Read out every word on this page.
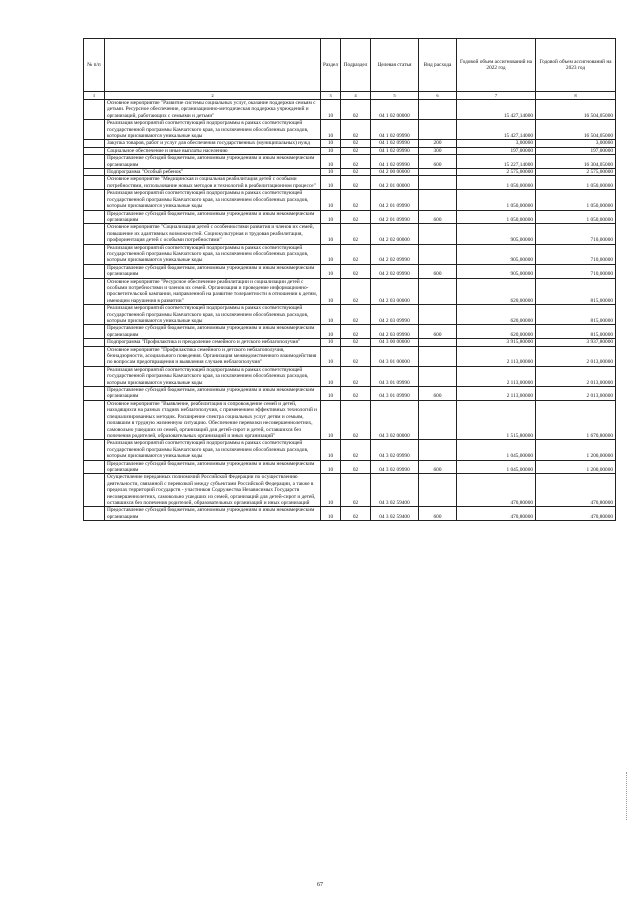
№ п/п		Раздел	Подраздел	Целевая статья	Вид расхода	Годовой объем ассигнований на 2022 год	Годовой объем ассигнований на 2023 год
1	2	3	4	5	6	7	8
	Основное мероприятие "Развитие системы социальных услуг, оказание поддержки семьям с детьми. Ресурсное обеспечение, организационно-методическая поддержка учреждений и организаций, работающих с семьями и детьми"	10	02	04 1 02 00000		15 427,14000	16 504,05000
	Реализация мероприятий соответствующей подпрограммы в рамках соответствующей государственной программы Камчатского края, за исключением обособленных расходов, которым присваиваются уникальные коды	10	02	04 1 02 09990		15 427,14000	16 504,05000
	Закупка товаров, работ и услуг для обеспечения государственных (муниципальных) нужд	10	02	04 1 02 09990	200	3,00000	3,00000
	Социальное обеспечение и иные выплаты населению	10	02	04 1 02 09990	300	197,00000	197,00000
	Предоставление субсидий бюджетным, автономным учреждениям и иным некоммерческим организациям	10	02	04 1 02 09990	600	15 227,14000	16 304,05000
	Подпрограмма "Особый ребенок"	10	02	04 2 00 00000		2 575,00000	2 575,00000
	Основное мероприятие "Медицинская и социальная реабилитация детей с особыми потребностями, использование новых методов и технологий в реабилитационном процессе"	10	02	04 2 01 00000		1 050,00000	1 050,00000
	Реализация мероприятий соответствующей подпрограммы в рамках соответствующей государственной программы Камчатского края, за исключением обособленных расходов, которым присваиваются уникальные коды	10	02	04 2 01 09990		1 050,00000	1 050,00000
	Предоставление субсидий бюджетным, автономным учреждениям и иным некоммерческим организациям	10	02	04 2 01 09990	600	1 050,00000	1 050,00000
	Основное мероприятие "Социализация детей с особенностями развития и членов их семей, повышение их адаптивных возможностей. Социокультурная и трудовая реабилитация, профориентация детей с особыми потребностями"	10	02	04 2 02 00000		905,00000	710,00000
	Реализация мероприятий соответствующей подпрограммы в рамках соответствующей государственной программы Камчатского края, за исключением обособленных расходов, которым присваиваются уникальные коды	10	02	04 2 02 09990		905,00000	710,00000
	Предоставление субсидий бюджетным, автономным учреждениям и иным некоммерческим организациям	10	02	04 2 02 09990	600	905,00000	710,00000
	Основное мероприятие "Ресурсное обеспечение реабилитации и социализации детей с особыми потребностями и членов их семей. Организация и проведение информационно-просветительской кампании, направленной на развитие толерантности в отношении к детям, имеющим нарушения в развитии"	10	02	04 2 03 00000		620,00000	815,00000
	Реализация мероприятий соответствующей подпрограммы в рамках соответствующей государственной программы Камчатского края, за исключением обособленных расходов, которым присваиваются уникальные коды	10	02	04 2 03 09990		620,00000	815,00000
	Предоставление субсидий бюджетным, автономным учреждениям и иным некоммерческим организациям	10	02	04 2 03 09990	600	620,00000	815,00000
	Подпрограмма "Профилактика и преодоление семейного и детского неблагополучия"	10	02	04 3 00 00000		3 915,80000	3 937,80000
	Основное мероприятие "Профилактика семейного и детского неблагополучия, безнадзорности, асоциального поведения. Организация межведомственного взаимодействия по вопросам предотвращения и выявления случаев неблагополучия"	10	02	04 3 01 00000		2 113,00000	2 013,00000
	Реализация мероприятий соответствующей подпрограммы в рамках соответствующей государственной программы Камчатского края, за исключением обособленных расходов, которым присваиваются уникальные коды	10	02	04 3 01 09990		2 113,00000	2 013,00000
	Предоставление субсидий бюджетным, автономным учреждениям и иным некоммерческим организациям	10	02	04 3 01 09990	600	2 113,00000	2 013,00000
	Основное мероприятие "Выявление, реабилитация и сопровождение семей и детей, находящихся на разных стадиях неблагополучия, с применением эффективных технологий и специализированных методик. Расширение спектра социальных услуг детям и семьям, попавшим в трудную жизненную ситуацию. Обеспечение перевозки несовершеннолетних, самовольно ушедших из семей, организаций для детей-сирот и детей, оставшихся без попечения родителей, образовательных организаций и иных организаций"	10	02	04 3 02 00000		1 515,80000	1 670,80000
	Реализация мероприятий соответствующей подпрограммы в рамках соответствующей государственной программы Камчатского края, за исключением обособленных расходов, которым присваиваются уникальные коды	10	02	04 3 02 09990		1 045,00000	1 200,00000
	Предоставление субсидий бюджетным, автономным учреждениям и иным некоммерческим организациям	10	02	04 3 02 09990	600	1 045,00000	1 200,00000
	Осуществление переданных полномочий Российской Федерации по осуществлению деятельности, связанной с перевозкой между субъектами Российской Федерации, а также в пределах территорий государств - участников Содружества Независимых Государств несовершеннолетних, самовольно ушедших из семей, организаций для детей-сирот и детей, оставшихся без попечения родителей, образовательных организаций и иных организаций	10	02	04 3 02 59400		470,80000	470,80000
	Предоставление субсидий бюджетным, автономным учреждениям и иным некоммерческим организациям	10	02	04 3 02 59400	600	470,80000	470,80000
67
